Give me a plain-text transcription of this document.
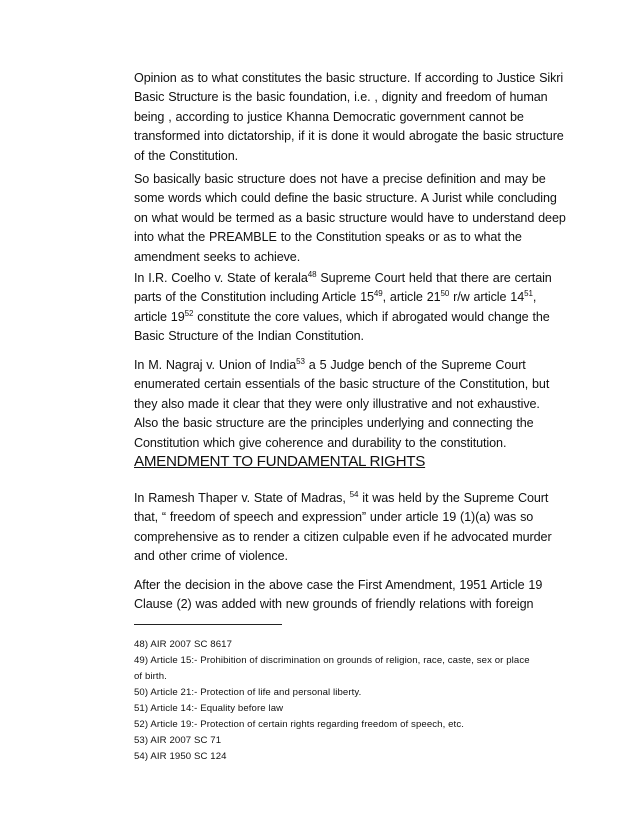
Opinion as to what constitutes the basic structure. If according to Justice Sikri
Basic Structure is the basic foundation, i.e. , dignity and freedom of human
being , according to justice Khanna Democratic government cannot be
transformed into dictatorship, if it is done it would abrogate the basic structure
of the Constitution.
So basically basic structure does not have a precise definition and may be
some words which could define the basic structure. A Jurist while concluding
on what would be termed as a basic structure would have to understand deep
into what the PREAMBLE to the Constitution speaks or as to what the
amendment seeks to achieve.
In I.R. Coelho v. State of kerala$^{48}$ Supreme Court held that there are certain
parts of the Constitution including Article $15^{49}$, article $21^{50}$ r/w article $14^{51}$,
article $19^{52}$ constitute the core values, which if abrogated would change the
Basic Structure of the Indian Constitution.
In M. Nagraj v. Union of India$^{53}$ a 5 Judge bench of the Supreme Court
enumerated certain essentials of the basic structure of the Constitution, but
they also made it clear that they were only illustrative and not exhaustive.
Also the basic structure are the principles underlying and connecting the
Constitution which give coherence and durability to the constitution.
AMENDMENT TO FUNDAMENTAL RIGHTS
In Ramesh Thaper v. State of Madras, $^{54}$ it was held by the Supreme Court
that, “ freedom of speech and expression” under article 19 (1)(a) was so
comprehensive as to render a citizen culpable even if he advocated murder
and other crime of violence.
After the decision in the above case the First Amendment, 1951 Article 19
Clause (2) was added with new grounds of friendly relations with foreign
48) AIR 2007 SC 8617
49) Article 15:- Prohibition of discrimination on grounds of religion, race, caste, sex or place
of birth.
50) Article 21:- Protection of life and personal liberty.
51) Article 14:- Equality before law
52) Article 19:- Protection of certain rights regarding freedom of speech, etc.
53) AIR 2007 SC 71
54) AIR 1950 SC 124
